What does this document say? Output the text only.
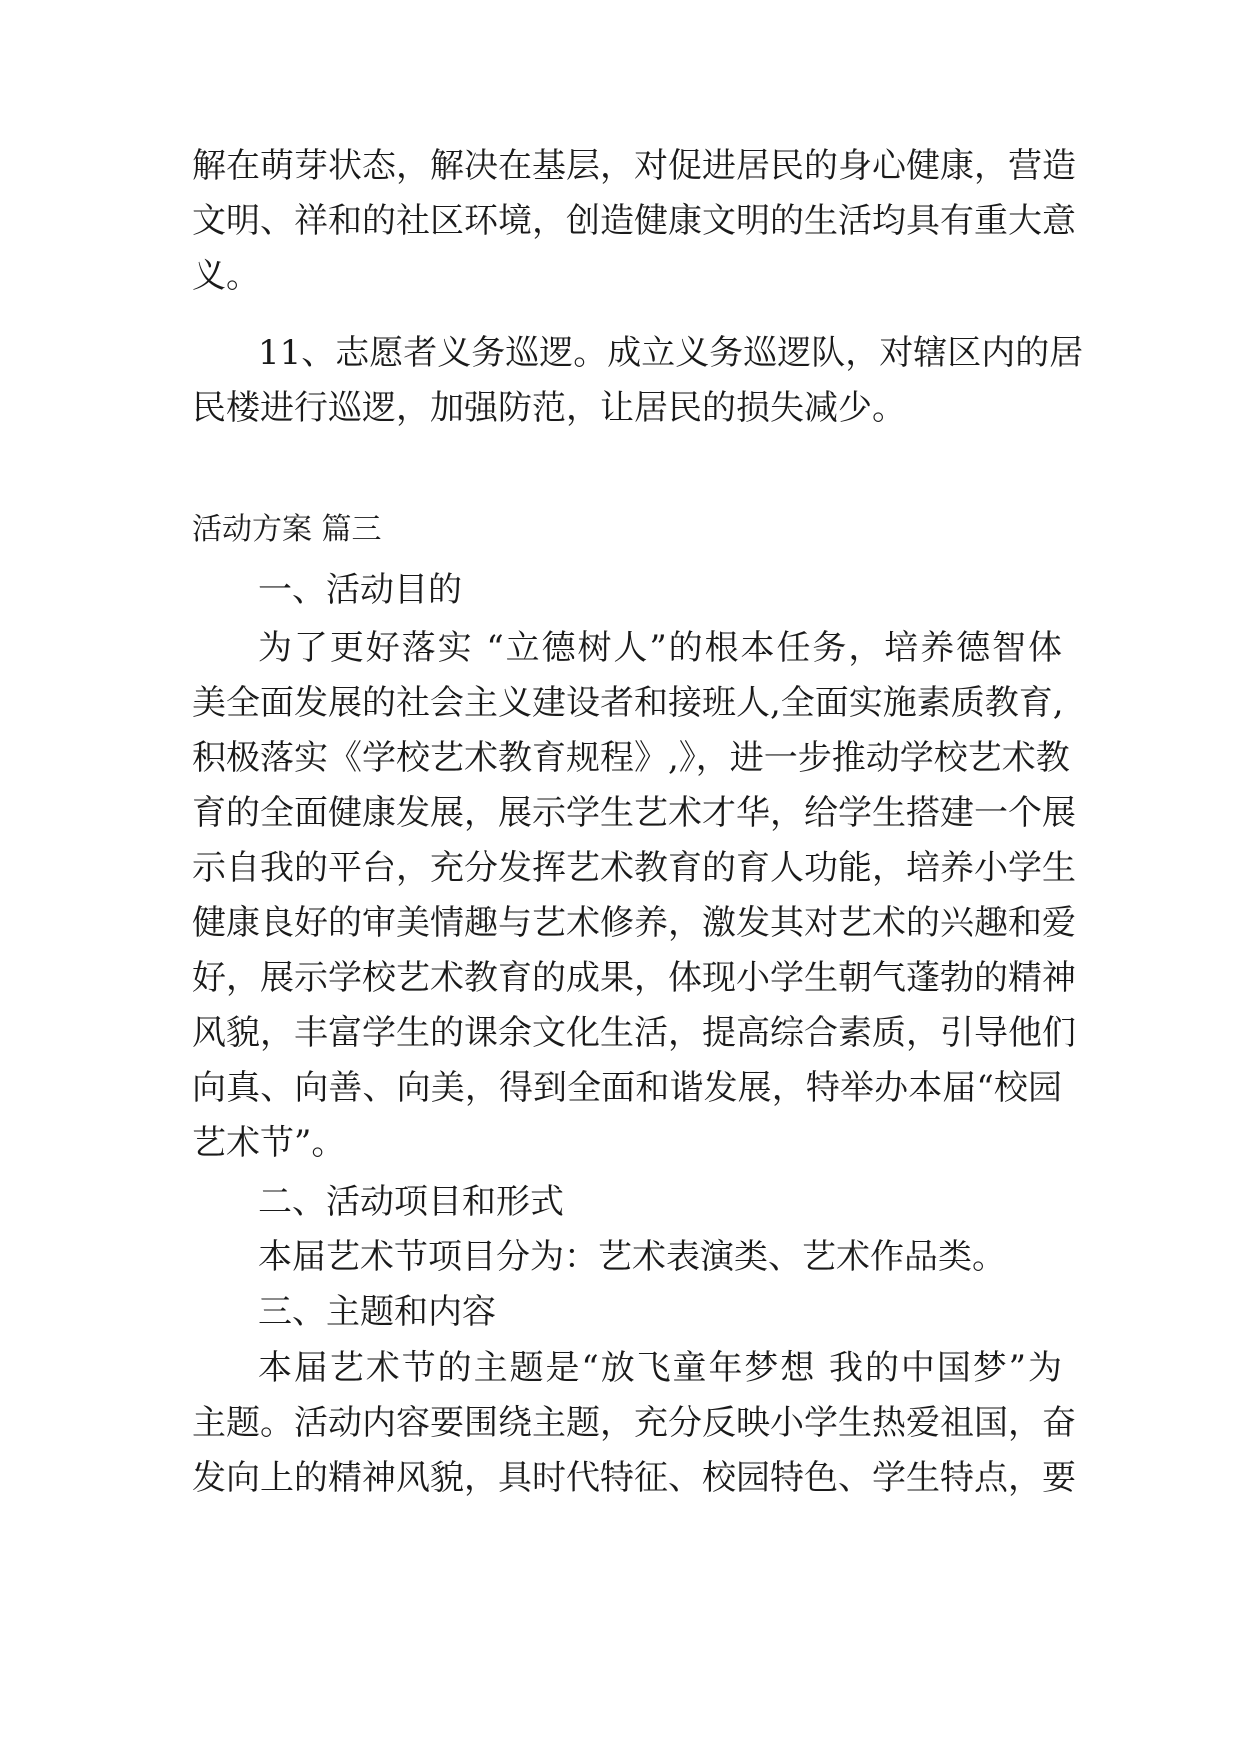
解在萌芽状态，解决在基层，对促进居民的身心健康，营造
文明、祥和的社区环境，创造健康文明的生活均具有重大意
义。
11、志愿者义务巡逻。成立义务巡逻队，对辖区内的居
民楼进行巡逻，加强防范，让居民的损失减少。
活动方案 篇三
一、活动目的
为了更好落实 “立德树人”的根本任务，培养德智体
美全面发展的社会主义建设者和接班人,全面实施素质教育,
积极落实《学校艺术教育规程》,》，进一步推动学校艺术教
育的全面健康发展，展示学生艺术才华，给学生搭建一个展
示自我的平台，充分发挥艺术教育的育人功能，培养小学生
健康良好的审美情趣与艺术修养，激发其对艺术的兴趣和爱
好，展示学校艺术教育的成果，体现小学生朝气蓬勃的精神
风貌，丰富学生的课余文化生活，提高综合素质，引导他们
向真、向善、向美，得到全面和谐发展，特举办本届“校园
艺术节”。
二、活动项目和形式
本届艺术节项目分为：艺术表演类、艺术作品类。
三、主题和内容
本届艺术节的主题是“放飞童年梦想 我的中国梦”为
主题。活动内容要围绕主题，充分反映小学生热爱祖国，奋
发向上的精神风貌，具时代特征、校园特色、学生特点，要
